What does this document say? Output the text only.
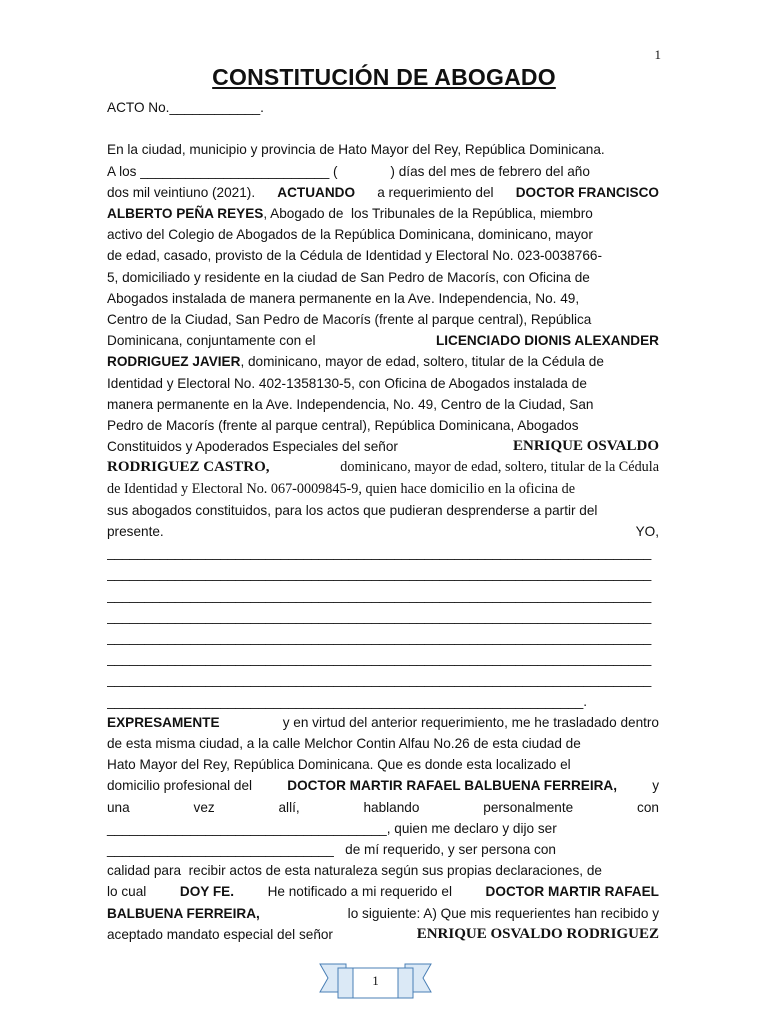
1
CONSTITUCIÓN DE ABOGADO
ACTO No.____________.
En la ciudad, municipio y provincia de Hato Mayor del Rey, República Dominicana.
A los _________________________ (              ) días del mes de febrero del año
dos mil veintiuno (2021). ACTUANDO a requerimiento del DOCTOR FRANCISCO
ALBERTO PEÑA REYES, Abogado de  los Tribunales de la República, miembro
activo del Colegio de Abogados de la República Dominicana, dominicano, mayor
de edad, casado, provisto de la Cédula de Identidad y Electoral No. 023-0038766-
5, domiciliado y residente en la ciudad de San Pedro de Macorís, con Oficina de
Abogados instalada de manera permanente en la Ave. Independencia, No. 49,
Centro de la Ciudad, San Pedro de Macorís (frente al parque central), República
Dominicana, conjuntamente con el	LICENCIADO DIONIS ALEXANDER
RODRIGUEZ JAVIER, dominicano, mayor de edad, soltero, titular de la Cédula de
Identidad y Electoral No. 402-1358130-5, con Oficina de Abogados instalada de
manera permanente en la Ave. Independencia, No. 49, Centro de la Ciudad, San
Pedro de Macorís (frente al parque central), República Dominicana, Abogados
Constituidos y Apoderados Especiales del señor	ENRIQUE OSVALDO
RODRIGUEZ CASTRO,	dominicano, mayor de edad, soltero, titular de la Cédula
de Identidad y Electoral No. 067-0009845-9, quien hace domicilio en la oficina de
sus abogados constituidos, para los actos que pudieran desprenderse a partir del
presente.	YO,
________________________________________________________________________
________________________________________________________________________
________________________________________________________________________
________________________________________________________________________
________________________________________________________________________
________________________________________________________________________
________________________________________________________________________
_______________________________________________________________.
EXPRESAMENTE	y en virtud del anterior requerimiento, me he trasladado dentro
de esta misma ciudad, a la calle Melchor Contin Alfau No.26 de esta ciudad de
Hato Mayor del Rey, República Dominicana. Que es donde esta localizado el
domicilio profesional del	DOCTOR MARTIR RAFAEL BALBUENA FERREIRA,	y
una	vez	allí,	hablando	personalmente	con
_____________________________________, quien me declaro y dijo ser
______________________________   de mí requerido, y ser persona con
calidad para  recibir actos de esta naturaleza según sus propias declaraciones, de
lo cual DOY FE. He notificado a mi requerido el DOCTOR MARTIR RAFAEL
BALBUENA FERREIRA,	lo siguiente: A) Que mis requerientes han recibido y
aceptado mandato especial del señor	ENRIQUE OSVALDO RODRIGUEZ
1
